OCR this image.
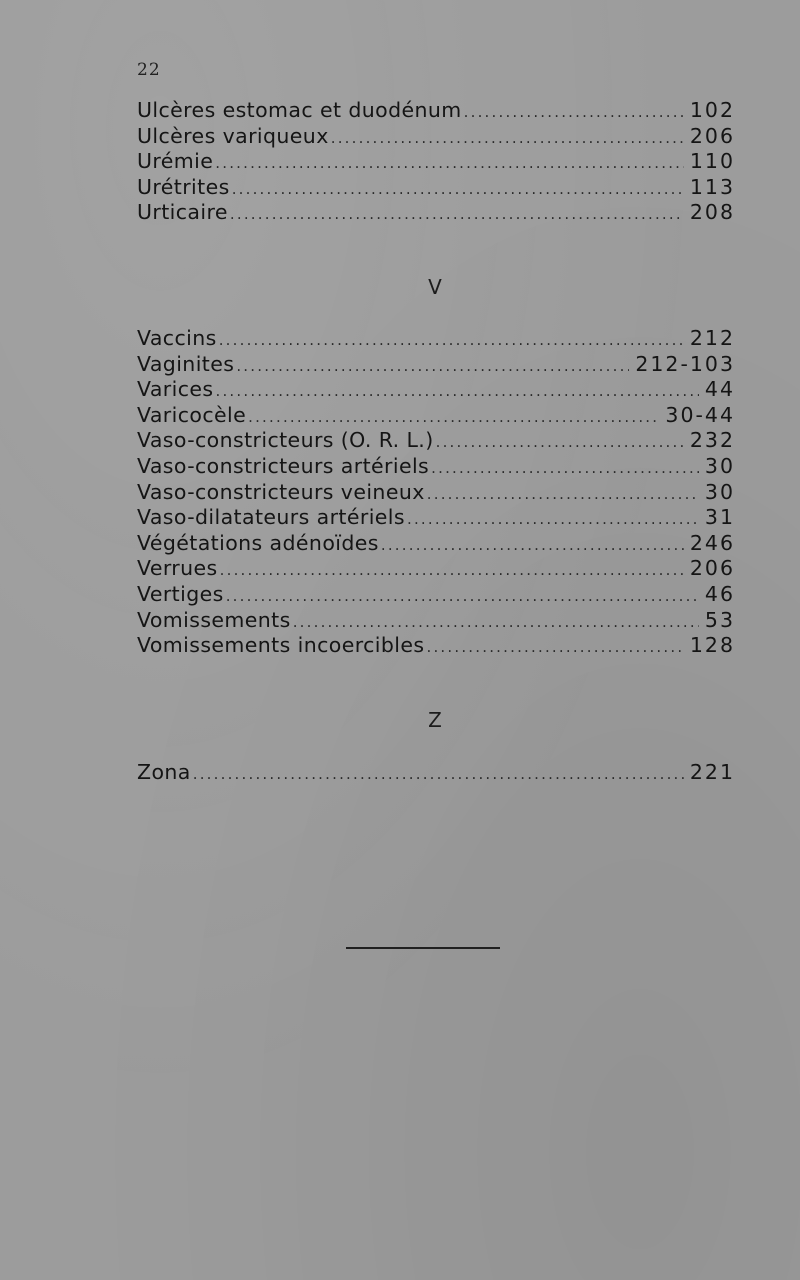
22
Ulcères estomac et duodénum .....	102
Ulcères variqueux .....	206
Urémie .....	110
Urétrites .....	113
Urticaire .....	208
V
Vaccins .....	212
Vaginites .....	212-103
Varices .....	44
Varicocèle .....	30-44
Vaso-constricteurs (O. R. L.) .....	232
Vaso-constricteurs artériels .....	30
Vaso-constricteurs veineux .....	30
Vaso-dilatateurs artériels .....	31
Végétations adénoïdes .....	246
Verrues .....	206
Vertiges .....	46
Vomissements .....	53
Vomissements incoercibles .....	128
Z
Zona .....	221
